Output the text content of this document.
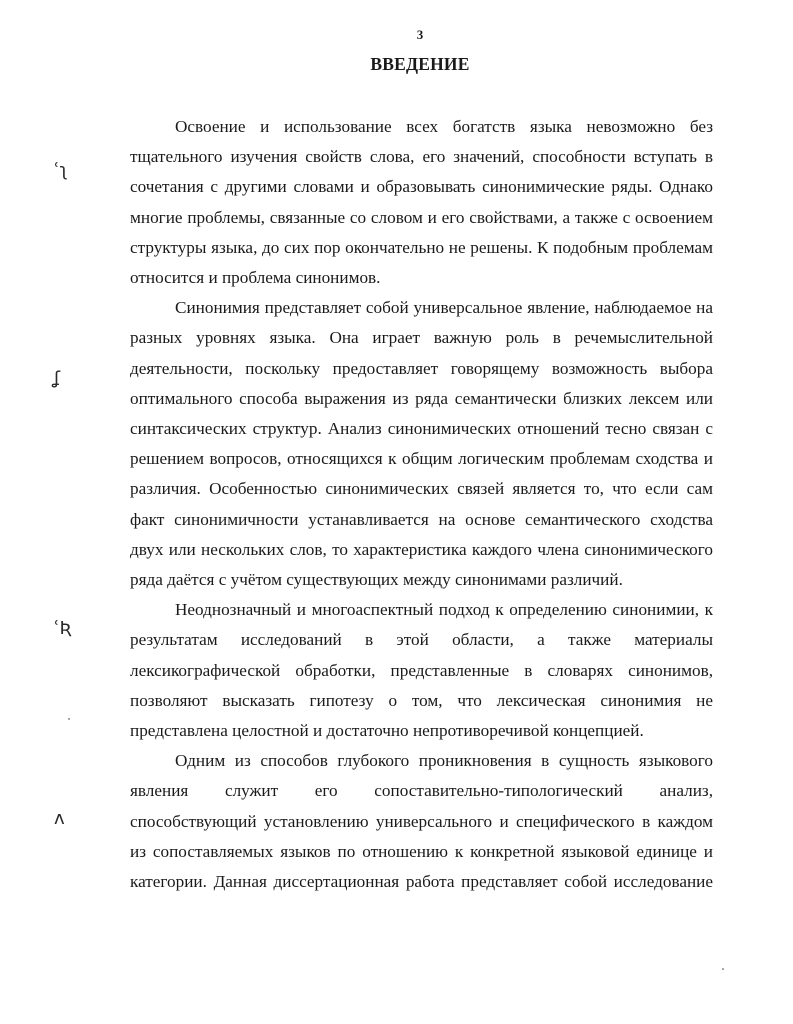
3
ВВЕДЕНИЕ

Освоение и использование всех богатств языка невозможно без тщательного изучения свойств слова, его значений, способности вступать в сочетания с другими словами и образовывать синонимические ряды. Однако многие проблемы, связанные со словом и его свойствами, а также с освоением структуры языка, до сих пор окончательно не решены. К подобным проблемам относится и проблема синонимов.

Синонимия представляет собой универсальное явление, наблюдаемое на разных уровнях языка. Она играет важную роль в речемыслительной деятельности, поскольку предоставляет говорящему возможность выбора оптимального способа выражения из ряда семантически близких лексем или синтаксических структур. Анализ синонимических отношений тесно связан с решением вопросов, относящихся к общим логическим проблемам сходства и различия. Особенностью синонимических связей является то, что если сам факт синонимичности устанавливается на основе семантического сходства двух или нескольких слов, то характеристика каждого члена синонимического ряда даётся с учётом существующих между синонимами различий.

Неоднозначный и многоаспектный подход к определению синонимии, к результатам исследований в этой области, а также материалы лексикографической обработки, представленные в словарях синонимов, позволяют высказать гипотезу о том, что лексическая синонимия не представлена целостной и достаточно непротиворечивой концепцией.

Одним из способов глубокого проникновения в сущность языкового явления служит его сопоставительно-типологический анализ, способствующий установлению универсального и специфического в каждом из сопоставляемых языков по отношению к конкретной языковой единице и категории. Данная диссертационная работа представляет собой исследование

ʿʅ
ʆ
ʿƦ
ʌ
